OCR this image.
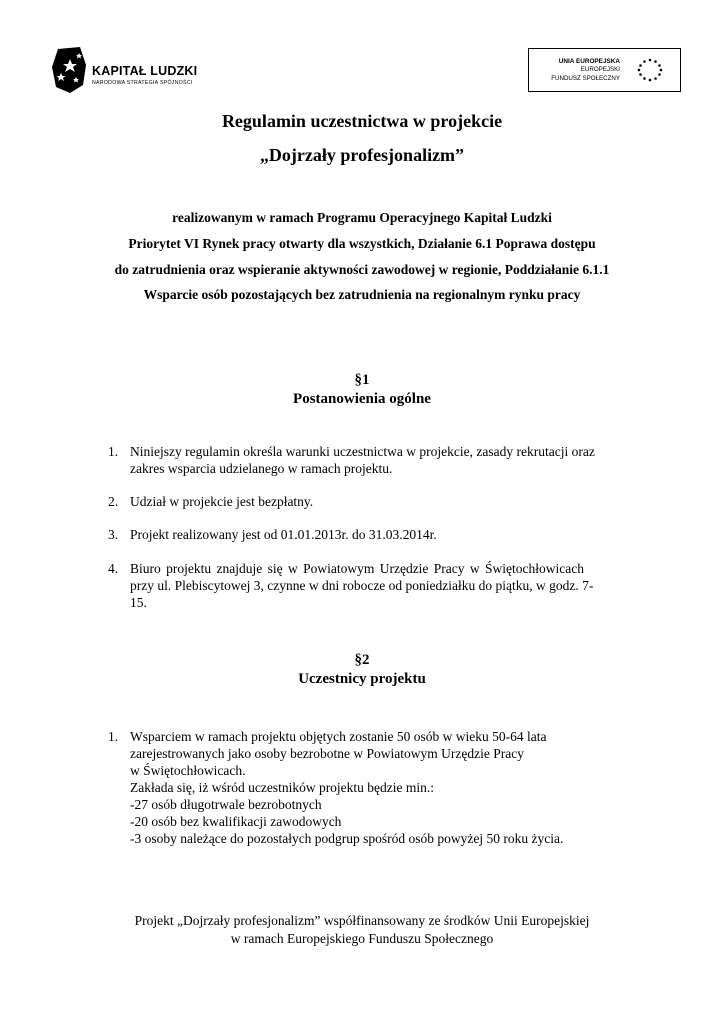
KAPITAŁ LUDZKI
NARODOWA STRATEGIA SPÓJNOŚCI
UNIA EUROPEJSKA
EUROPEJSKI
FUNDUSZ SPOŁECZNY
Regulamin uczestnictwa w projekcie
„Dojrzały profesjonalizm”
realizowanym w ramach Programu Operacyjnego Kapitał Ludzki
Priorytet VI Rynek pracy otwarty dla wszystkich, Działanie 6.1 Poprawa dostępu
do zatrudnienia oraz wspieranie aktywności zawodowej w regionie, Poddziałanie 6.1.1
Wsparcie osób pozostających bez zatrudnienia na regionalnym rynku pracy
§1
Postanowienia ogólne
1. Niniejszy regulamin określa warunki uczestnictwa w projekcie, zasady rekrutacji oraz
zakres wsparcia udzielanego w ramach projektu.
2. Udział w projekcie jest bezpłatny.
3. Projekt realizowany jest od 01.01.2013r. do 31.03.2014r.
4. Biuro projektu znajduje się w Powiatowym Urzędzie Pracy w Świętochłowicach
przy ul. Plebiscytowej 3, czynne w dni robocze od poniedziałku do piątku, w godz. 7-
15.
§2
Uczestnicy projektu
1. Wsparciem w ramach projektu objętych zostanie 50 osób w wieku 50-64 lata
zarejestrowanych jako osoby bezrobotne w Powiatowym Urzędzie Pracy
w Świętochłowicach.
Zakłada się, iż wśród uczestników projektu będzie min.:
-27 osób długotrwale bezrobotnych
-20 osób bez kwalifikacji zawodowych
-3 osoby należące do pozostałych podgrup spośród osób powyżej 50 roku życia.
Projekt „Dojrzały profesjonalizm” współfinansowany ze środków Unii Europejskiej
w ramach Europejskiego Funduszu Społecznego
